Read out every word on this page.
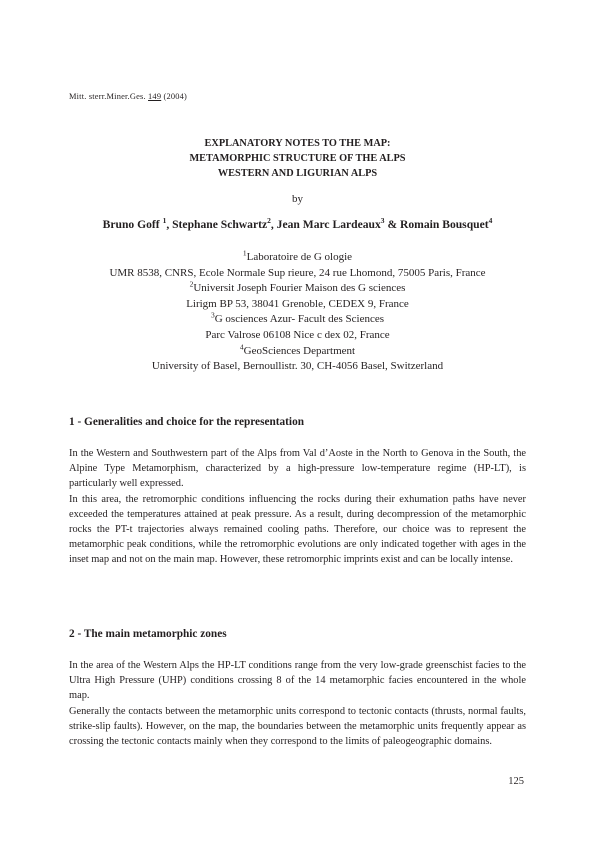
Mitt. sterr.Miner.Ges. 149 (2004)
EXPLANATORY NOTES TO THE MAP:
METAMORPHIC STRUCTURE OF THE ALPS
WESTERN AND LIGURIAN ALPS
by
Bruno Goff $^1$, Stephane Schwartz$^2$, Jean Marc Lardeaux$^3$ & Romain Bousquet$^4$
$^1$Laboratoire de G ologie
UMR 8538, CNRS, Ecole Normale Sup rieure, 24 rue Lhomond, 75005 Paris, France
$^2$Universit Joseph Fourier Maison des G sciences
Lirigm BP 53, 38041 Grenoble, CEDEX 9, France
$^3$G osciences Azur- Facult des Sciences
Parc Valrose 06108 Nice c dex 02, France
$^4$GeoSciences Department
University of Basel, Bernoullistr. 30, CH-4056 Basel, Switzerland
1 - Generalities and choice for the representation
In the Western and Southwestern part of the Alps from Val d’Aoste in the North to Genova in the South, the Alpine Type Metamorphism, characterized by a high-pressure low-temperature regime (HP-LT), is particularly well expressed.
In this area, the retromorphic conditions influencing the rocks during their exhumation paths have never exceeded the temperatures attained at peak pressure. As a result, during decompression of the metamorphic rocks the PT-t trajectories always remained cooling paths. Therefore, our choice was to represent the metamorphic peak conditions, while the retromorphic evolutions are only indicated together with ages in the inset map and not on the main map. However, these retromorphic imprints exist and can be locally intense.
2 - The main metamorphic zones
In the area of the Western Alps the HP-LT conditions range from the very low-grade greenschist facies to the Ultra High Pressure (UHP) conditions crossing 8 of the 14 metamorphic facies encountered in the whole map.
Generally the contacts between the metamorphic units correspond to tectonic contacts (thrusts, normal faults, strike-slip faults). However, on the map, the boundaries between the metamorphic units frequently appear as crossing the tectonic contacts mainly when they correspond to the limits of paleogeographic domains.
125
